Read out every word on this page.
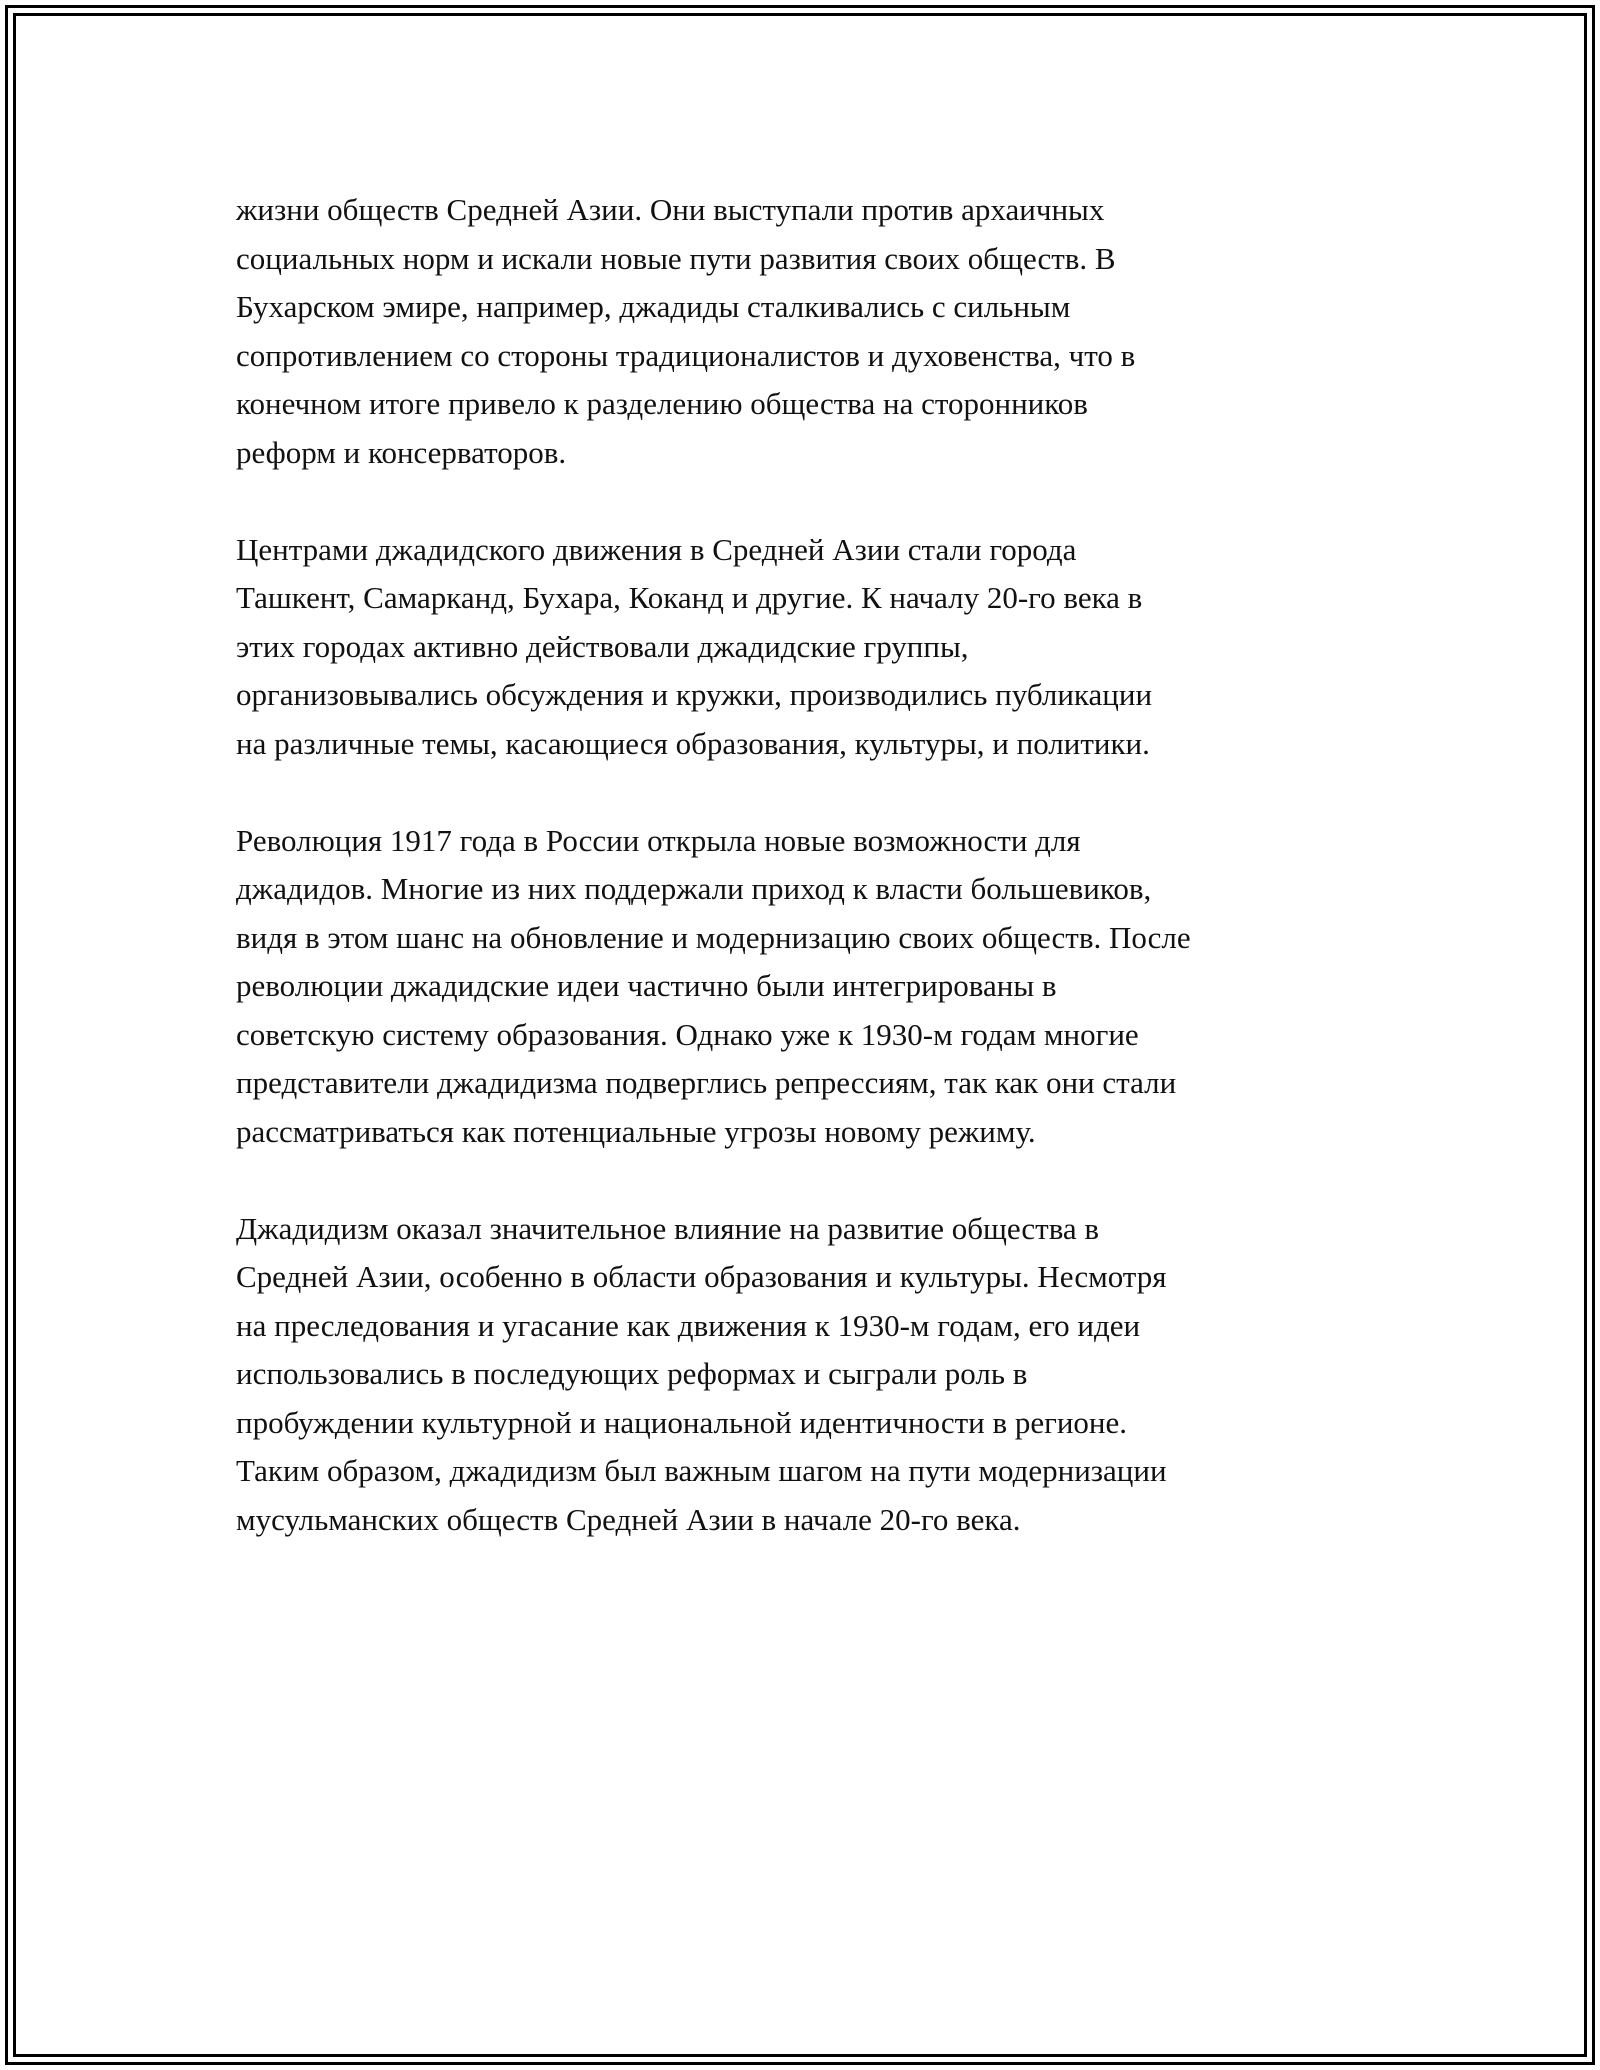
жизни обществ Средней Азии. Они выступали против архаичных
социальных норм и искали новые пути развития своих обществ. В
Бухарском эмире, например, джадиды сталкивались с сильным
сопротивлением со стороны традиционалистов и духовенства, что в
конечном итоге привело к разделению общества на сторонников
реформ и консерваторов.

Центрами джадидского движения в Средней Азии стали города
Ташкент, Самарканд, Бухара, Коканд и другие. К началу 20-го века в
этих городах активно действовали джадидские группы,
организовывались обсуждения и кружки, производились публикации
на различные темы, касающиеся образования, культуры, и политики.

Революция 1917 года в России открыла новые возможности для
джадидов. Многие из них поддержали приход к власти большевиков,
видя в этом шанс на обновление и модернизацию своих обществ. После
революции джадидские идеи частично были интегрированы в
советскую систему образования. Однако уже к 1930-м годам многие
представители джадидизма подверглись репрессиям, так как они стали
рассматриваться как потенциальные угрозы новому режиму.

Джадидизм оказал значительное влияние на развитие общества в
Средней Азии, особенно в области образования и культуры. Несмотря
на преследования и угасание как движения к 1930-м годам, его идеи
использовались в последующих реформах и сыграли роль в
пробуждении культурной и национальной идентичности в регионе.
Таким образом, джадидизм был важным шагом на пути модернизации
мусульманских обществ Средней Азии в начале 20-го века.
